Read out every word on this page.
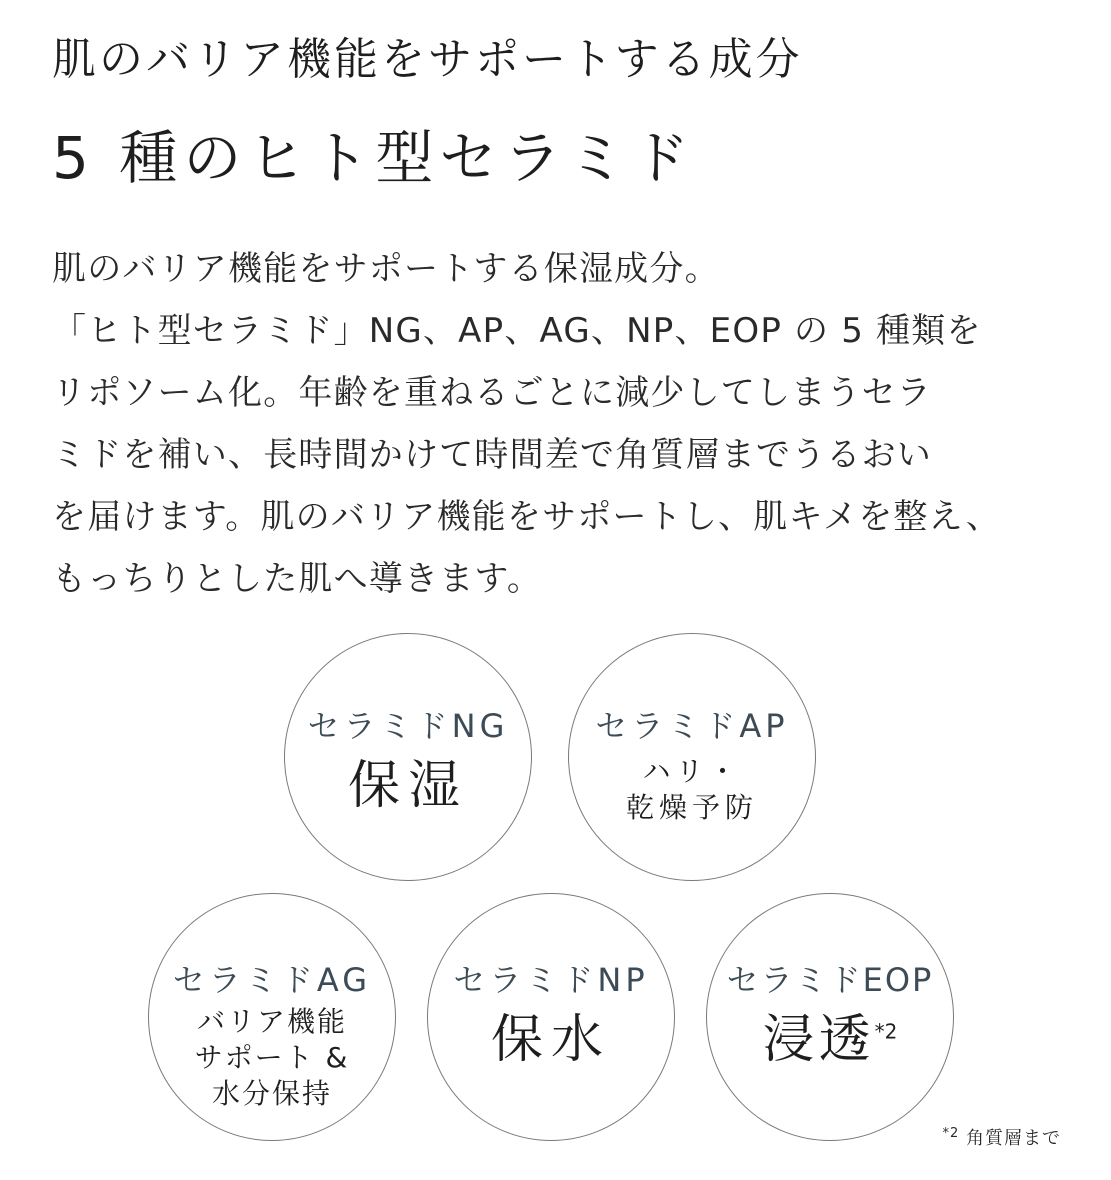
肌のバリア機能をサポートする成分
5 種のヒト型セラミド
肌のバリア機能をサポートする保湿成分。
「ヒト型セラミド」NG、AP、AG、NP、EOP の 5 種類を
リポソーム化。年齢を重ねるごとに減少してしまうセラ
ミドを補い、長時間かけて時間差で角質層までうるおい
を届けます。肌のバリア機能をサポートし、肌キメを整え、
もっちりとした肌へ導きます。
セラミドNG
保湿
セラミドAP
ハリ・
乾燥予防
セラミドAG
バリア機能
サポート &
水分保持
セラミドNP
保水
セラミドEOP
浸透$^{*2}$
$^{*2}$ 角質層まで
